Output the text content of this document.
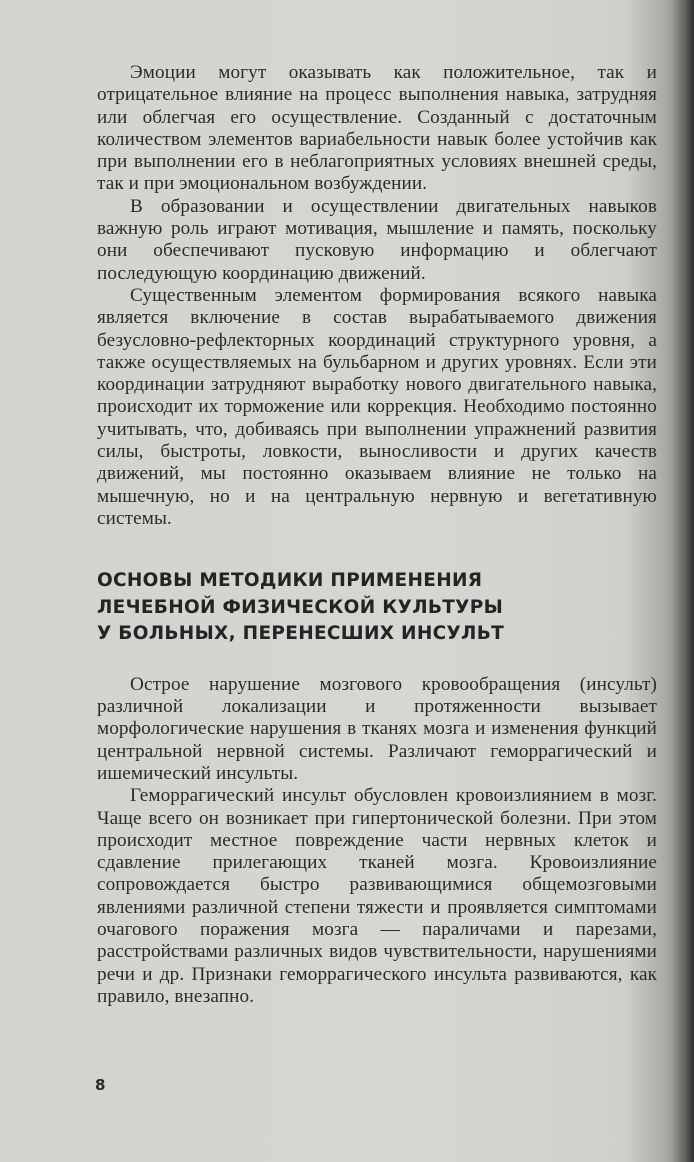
Эмоции могут оказывать как положительное, так и отрицательное влияние на процесс выполнения навыка, затрудняя или облегчая его осуществление. Созданный с достаточным количеством элементов вариабельности навык более устойчив как при выполнении его в неблагоприятных условиях внешней среды, так и при эмоциональном возбуждении.

В образовании и осуществлении двигательных навыков важную роль играют мотивация, мышление и память, поскольку они обеспечивают пусковую информацию и облегчают последующую координацию движений.

Существенным элементом формирования всякого навыка является включение в состав вырабатываемого движения безусловно-рефлекторных координаций структурного уровня, а также осуществляемых на бульбарном и других уровнях. Если эти координации затрудняют выработку нового двигательного навыка, происходит их торможение или коррекция. Необходимо постоянно учитывать, что, добиваясь при выполнении упражнений развития силы, быстроты, ловкости, выносливости и других качеств движений, мы постоянно оказываем влияние не только на мышечную, но и на центральную нервную и вегетативную системы.

ОСНОВЫ МЕТОДИКИ ПРИМЕНЕНИЯ
ЛЕЧЕБНОЙ ФИЗИЧЕСКОЙ КУЛЬТУРЫ
У БОЛЬНЫХ, ПЕРЕНЕСШИХ ИНСУЛЬТ

Острое нарушение мозгового кровообращения (инсульт) различной локализации и протяженности вызывает морфологические нарушения в тканях мозга и изменения функций центральной нервной системы. Различают геморрагический и ишемический инсульты.

Геморрагический инсульт обусловлен кровоизлиянием в мозг. Чаще всего он возникает при гипертонической болезни. При этом происходит местное повреждение части нервных клеток и сдавление прилегающих тканей мозга. Кровоизлияние сопровождается быстро развивающимися общемозговыми явлениями различной степени тяжести и проявляется симптомами очагового поражения мозга — параличами и парезами, расстройствами различных видов чувствительности, нарушениями речи и др. Признаки геморрагического инсульта развиваются, как правило, внезапно.

8
